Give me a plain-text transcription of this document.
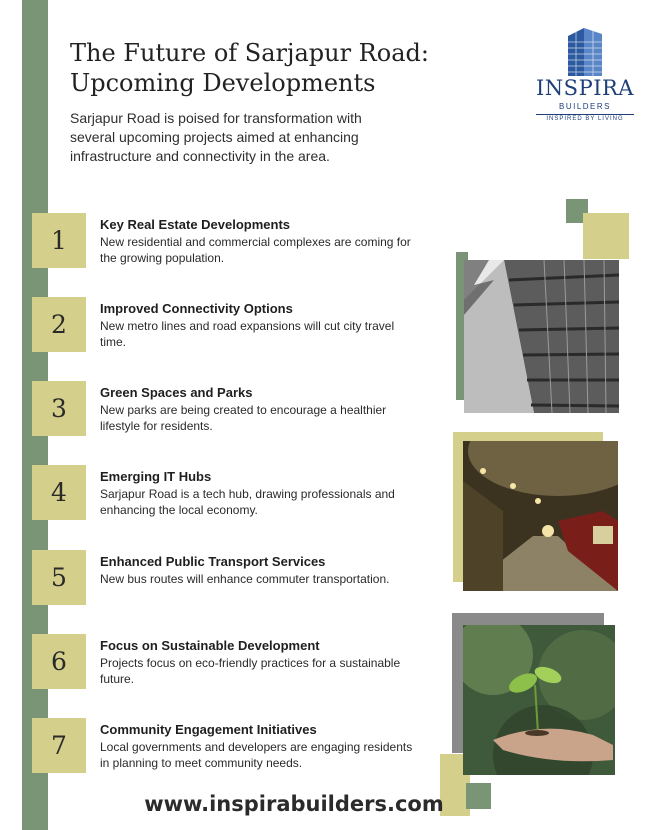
The Future of Sarjapur Road:
Upcoming Developments

Sarjapur Road is poised for transformation with several upcoming projects aimed at enhancing infrastructure and connectivity in the area.

INSPIRA
BUILDERS
INSPIRED BY LIVING
1

Key Real Estate Developments

New residential and commercial complexes are coming for the growing population.

2

Improved Connectivity Options

New metro lines and road expansions will cut city travel time.

3

Green Spaces and Parks

New parks are being created to encourage a healthier lifestyle for residents.

4

Emerging IT Hubs

Sarjapur Road is a tech hub, drawing professionals and enhancing the local economy.

5

Enhanced Public Transport Services

New bus routes will enhance commuter transportation.

6

Focus on Sustainable Development

Projects focus on eco-friendly practices for a sustainable future.

7

Community Engagement Initiatives

Local governments and developers are engaging residents in planning to meet community needs.

www.inspirabuilders.com
